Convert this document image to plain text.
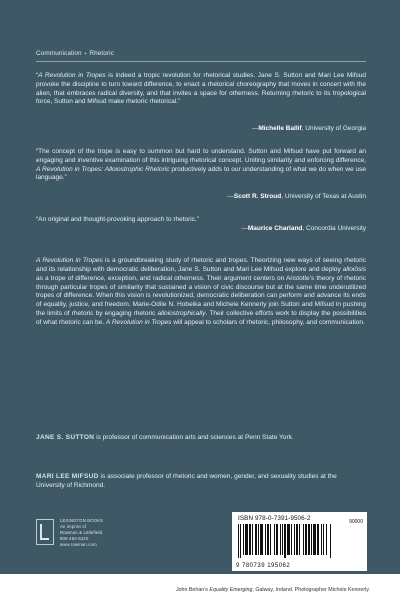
Communication ▪ Rhetoric
“A Revolution in Tropes is indeed a tropic revolution for rhetorical studies. Jane S. Sutton and Mari Lee Mifsud provoke the discipline to turn toward difference, to enact a rhetorical choreography that moves in concert with the alien, that embraces radical diversity, and that invites a space for otherness. Returning rhetoric to its tropological force, Sutton and Mifsud make rhetoric rhetorical.”
—Michelle Ballif, University of Georgia
“The concept of the trope is easy to summon but hard to understand. Sutton and Mifsud have put forward an engaging and inventive examination of this intriguing rhetorical concept. Uniting similarity and enforcing difference, A Revolution in Tropes: Alloiostrophic Rhetoric productively adds to our understanding of what we do when we use language.”
—Scott R. Stroud, University of Texas at Austin
“An original and thought-provoking approach to rhetoric.”
—Maurice Charland, Concordia University
A Revolution in Tropes is a groundbreaking study of rhetoric and tropes. Theorizing new ways of seeing rhetoric and its relationship with democratic deliberation, Jane S. Sutton and Mari Lee Mifsud explore and deploy alloiōsis as a trope of difference, exception, and radical otherness. Their argument centers on Aristotle’s theory of rhetoric through particular tropes of similarity that sustained a vision of civic discourse but at the same time underutilized tropes of difference. When this vision is revolutionized, democratic deliberation can perform and advance its ends of equality, justice, and freedom. Marie-Odile N. Hobeika and Michele Kennerly join Sutton and Mifsud in pushing the limits of rhetoric by engaging rhetoric alloiostrophically. Their collective efforts work to display the possibilities of what rhetoric can be. A Revolution in Tropes will appeal to scholars of rhetoric, philosophy, and communication.
JANE S. SUTTON is professor of communication arts and sciences at Penn State York.
MARI LEE MIFSUD is associate professor of rhetoric and women, gender, and sexuality studies at the University of Richmond.
LEXINGTON BOOKS
An imprint of
Rowman & Littlefield
800-462-6420
www.rowman.com
ISBN 978-0-7391-9506-2	90000
9 780739 195062
John Behan’s Equality Emerging, Galway, Ireland. Photographer Michele Kennerly.
